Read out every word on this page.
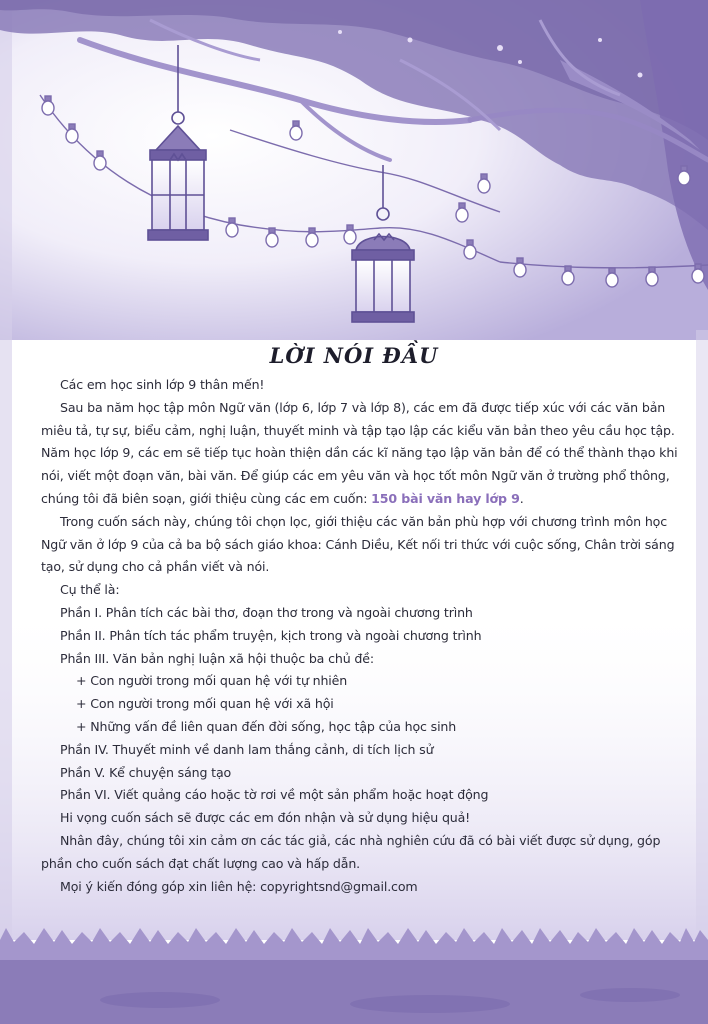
LỜI NÓI ĐẦU

Các em học sinh lớp 9 thân mến!

Sau ba năm học tập môn Ngữ văn (lớp 6, lớp 7 và lớp 8), các em đã được tiếp xúc với các văn bản miêu tả, tự sự, biểu cảm, nghị luận, thuyết minh và tập tạo lập các kiểu văn bản theo yêu cầu học tập. Năm học lớp 9, các em sẽ tiếp tục hoàn thiện dần các kĩ năng tạo lập văn bản để có thể thành thạo khi nói, viết một đoạn văn, bài văn. Để giúp các em yêu văn và học tốt môn Ngữ văn ở trường phổ thông, chúng tôi đã biên soạn, giới thiệu cùng các em cuốn: 150 bài văn hay lớp 9.

Trong cuốn sách này, chúng tôi chọn lọc, giới thiệu các văn bản phù hợp với chương trình môn học Ngữ văn ở lớp 9 của cả ba bộ sách giáo khoa: Cánh Diều, Kết nối tri thức với cuộc sống, Chân trời sáng tạo, sử dụng cho cả phần viết và nói.

Cụ thể là:

Phần I. Phân tích các bài thơ, đoạn thơ trong và ngoài chương trình

Phần II. Phân tích tác phẩm truyện, kịch trong và ngoài chương trình

Phần III. Văn bản nghị luận xã hội thuộc ba chủ đề:

+ Con người trong mối quan hệ với tự nhiên

+ Con người trong mối quan hệ với xã hội

+ Những vấn đề liên quan đến đời sống, học tập của học sinh

Phần IV. Thuyết minh về danh lam thắng cảnh, di tích lịch sử

Phần V. Kể chuyện sáng tạo

Phần VI. Viết quảng cáo hoặc tờ rơi về một sản phẩm hoặc hoạt động

Hi vọng cuốn sách sẽ được các em đón nhận và sử dụng hiệu quả!

Nhân đây, chúng tôi xin cảm ơn các tác giả, các nhà nghiên cứu đã có bài viết được sử dụng, góp phần cho cuốn sách đạt chất lượng cao và hấp dẫn.

Mọi ý kiến đóng góp xin liên hệ: copyrightsnd@gmail.com
